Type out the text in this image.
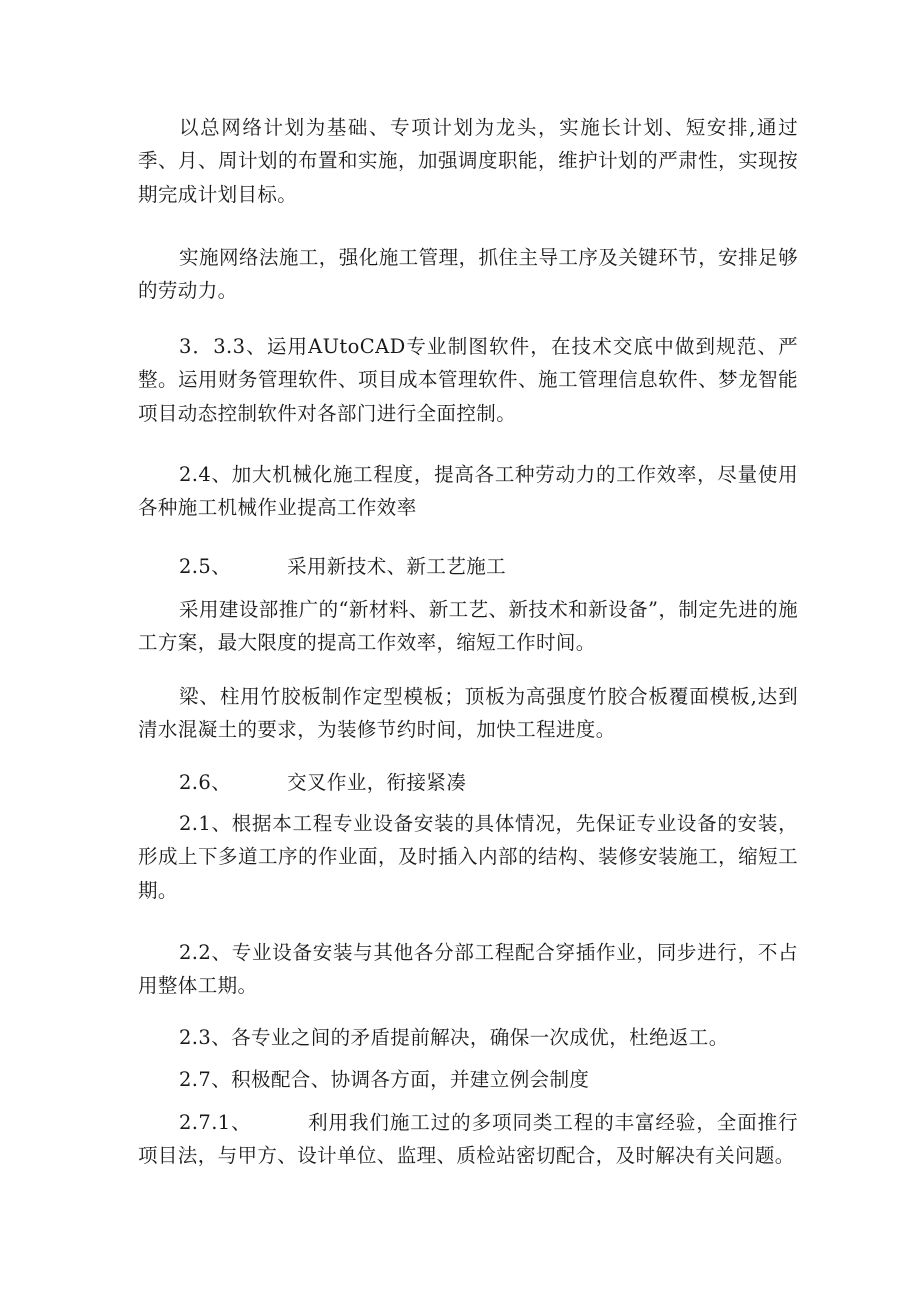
以总网络计划为基础、专项计划为龙头，实施长计划、短安排,通过季、月、周计划的布置和实施，加强调度职能，维护计划的严肃性，实现按期完成计划目标。

实施网络法施工，强化施工管理，抓住主导工序及关键环节，安排足够的劳动力。

3．3.3、运用AUtoCAD专业制图软件，在技术交底中做到规范、严整。运用财务管理软件、项目成本管理软件、施工管理信息软件、梦龙智能项目动态控制软件对各部门进行全面控制。

2.4、加大机械化施工程度，提高各工种劳动力的工作效率，尽量使用各种施工机械作业提高工作效率

2.5、	采用新技术、新工艺施工

采用建设部推广的“新材料、新工艺、新技术和新设备”，制定先进的施工方案，最大限度的提高工作效率，缩短工作时间。

梁、柱用竹胶板制作定型模板；顶板为高强度竹胶合板覆面模板,达到清水混凝土的要求，为装修节约时间，加快工程进度。

2.6、	交叉作业，衔接紧凑

2.1、根据本工程专业设备安装的具体情况，先保证专业设备的安装，形成上下多道工序的作业面，及时插入内部的结构、装修安装施工，缩短工期。

2.2、专业设备安装与其他各分部工程配合穿插作业，同步进行，不占用整体工期。

2.3、各专业之间的矛盾提前解决，确保一次成优，杜绝返工。

2.7、积极配合、协调各方面，并建立例会制度

2.7.1、	利用我们施工过的多项同类工程的丰富经验，全面推行项目法，与甲方、设计单位、监理、质检站密切配合，及时解决有关问题。
